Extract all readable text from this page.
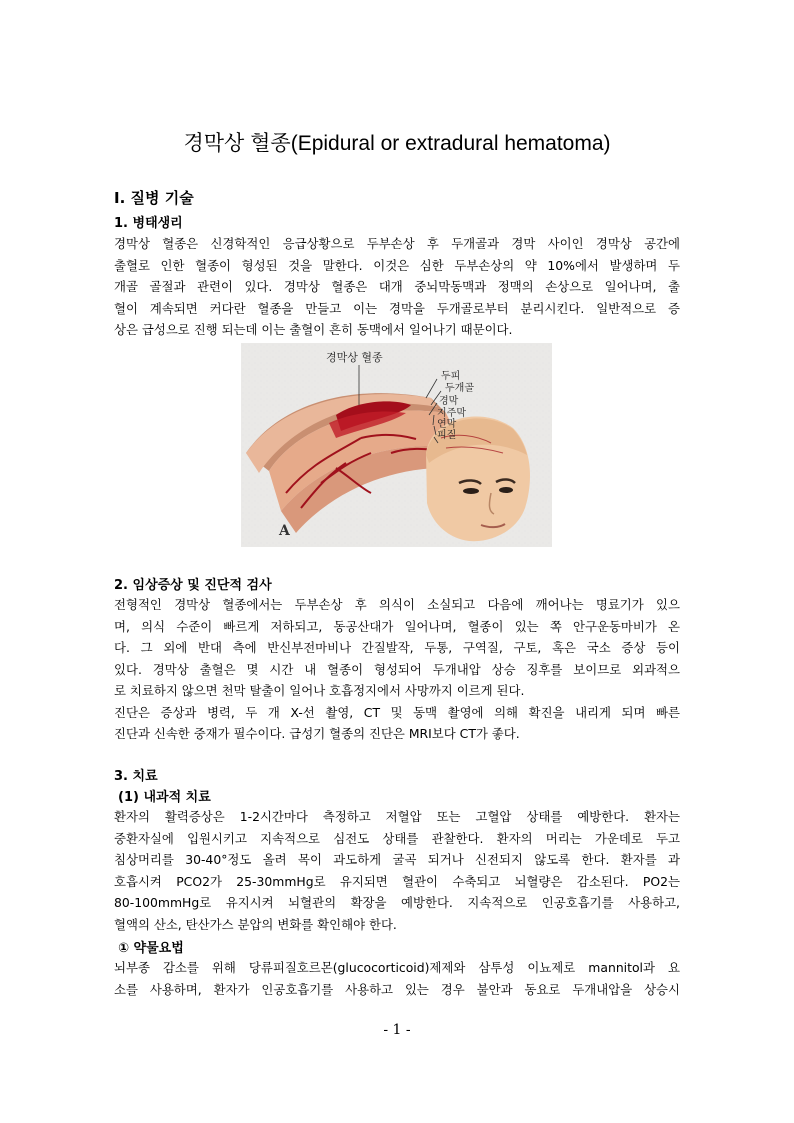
경막상 혈종(Epidural or extradural hematoma)
Ⅰ. 질병 기술
1. 병태생리
경막상 혈종은 신경학적인 응급상황으로 두부손상 후 두개골과 경막 사이인 경막상 공간에
출혈로 인한 혈종이 형성된 것을 말한다. 이것은 심한 두부손상의 약 10%에서 발생하며 두
개골 골절과 관련이 있다. 경막상 혈종은 대개 중뇌막동맥과 정맥의 손상으로 일어나며, 출
혈이 계속되면 커다란 혈종을 만들고 이는 경막을 두개골로부터 분리시킨다. 일반적으로 증
상은 급성으로 진행 되는데 이는 출혈이 흔히 동맥에서 일어나기 때문이다.
경막상 혈종
두피
두개골
경막
지주막
연막
피질
A
2. 임상증상 및 진단적 검사
전형적인 경막상 혈종에서는 두부손상 후 의식이 소실되고 다음에 깨어나는 명료기가 있으
며, 의식 수준이 빠르게 저하되고, 동공산대가 일어나며, 혈종이 있는 쪽 안구운동마비가 온
다. 그 외에 반대 측에 반신부전마비나 간질발작, 두통, 구역질, 구토, 혹은 국소 증상 등이
있다. 경막상 출혈은 몇 시간 내 혈종이 형성되어 두개내압 상승 징후를 보이므로 외과적으
로 치료하지 않으면 천막 탈출이 일어나 호흡정지에서 사망까지 이르게 된다.
진단은 증상과 병력, 두 개 X-선 촬영, CT 및 동맥 촬영에 의해 확진을 내리게 되며 빠른
진단과 신속한 중재가 필수이다. 급성기 혈종의 진단은 MRI보다 CT가 좋다.
3. 치료
(1) 내과적 치료
환자의 활력증상은 1-2시간마다 측정하고 저혈압 또는 고혈압 상태를 예방한다. 환자는
중환자실에 입원시키고 지속적으로 심전도 상태를 관찰한다. 환자의 머리는 가운데로 두고
침상머리를 30-40°정도 올려 목이 과도하게 굴곡 되거나 신전되지 않도록 한다. 환자를 과
호흡시켜 PCO2가 25-30mmHg로 유지되면 혈관이 수축되고 뇌혈량은 감소된다. PO2는
80-100mmHg로 유지시켜 뇌혈관의 확장을 예방한다. 지속적으로 인공호흡기를 사용하고,
혈액의 산소, 탄산가스 분압의 변화를 확인해야 한다.
① 약물요법
뇌부종 감소를 위해 당류피질호르몬(glucocorticoid)제제와 삼투성 이뇨제로 mannitol과 요
소를 사용하며, 환자가 인공호흡기를 사용하고 있는 경우 불안과 동요로 두개내압을 상승시
- 1 -
